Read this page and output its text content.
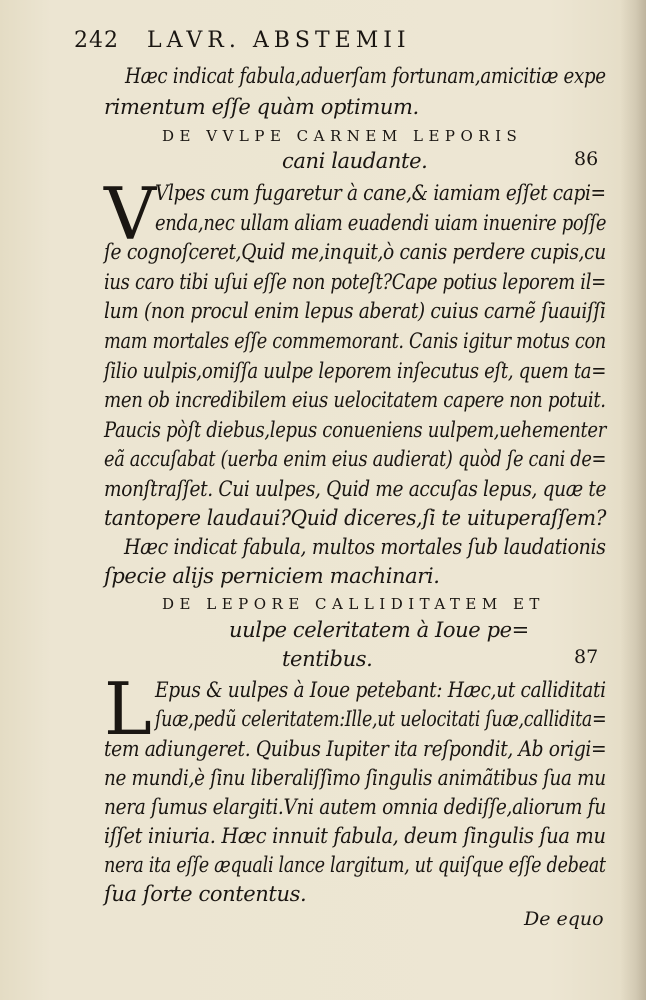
242 LAVR. ABSTEMII
Hæc indicat fabula,aduerſam fortunam,amicitiæ expe
rimentum eſſe quàm optimum.
DE VVLPE CARNEM LEPORIS
cani laudante.	86
V Vlpes cum fugaretur à cane,& iamiam eſſet capi=
enda,nec ullam aliam euadendi uiam inuenire poſſe
ſe cognoſceret,Quid me,inquit,ò canis perdere cupis,cu
ius caro tibi uſui eſſe non poteſt?Cape potius leporem il=
lum (non procul enim lepus aberat) cuius carnẽ ſuauiſſi
mam mortales eſſe commemorant. Canis igitur motus con
ſilio uulpis,omiſſa uulpe leporem inſecutus eſt, quem ta=
men ob incredibilem eius uelocitatem capere non potuit.
Paucis pòſt diebus,lepus conueniens uulpem,uehementer
eã accuſabat (uerba enim eius audierat) quòd ſe cani de=
monſtraſſet. Cui uulpes, Quid me accuſas lepus, quæ te
tantopere laudaui?Quid diceres,ſi te uituperaſſem?
Hæc indicat fabula, multos mortales ſub laudationis
ſpecie alijs perniciem machinari.
DE LEPORE CALLIDITATEM ET
uulpe celeritatem à Ioue pe=
tentibus.	87
L Epus & uulpes à Ioue petebant: Hæc,ut calliditati
ſuæ,pedũ celeritatem:Ille,ut uelocitati ſuæ,callidita=
tem adiungeret. Quibus Iupiter ita reſpondit, Ab origi=
ne mundi,è ſinu liberaliſſimo ſingulis animãtibus ſua mu
nera ſumus elargiti.Vni autem omnia dediſſe,aliorum fu
iſſet iniuria. Hæc innuit fabula, deum ſingulis ſua mu
nera ita eſſe æquali lance largitum, ut quiſque eſſe debeat
ſua ſorte contentus.
De equo
